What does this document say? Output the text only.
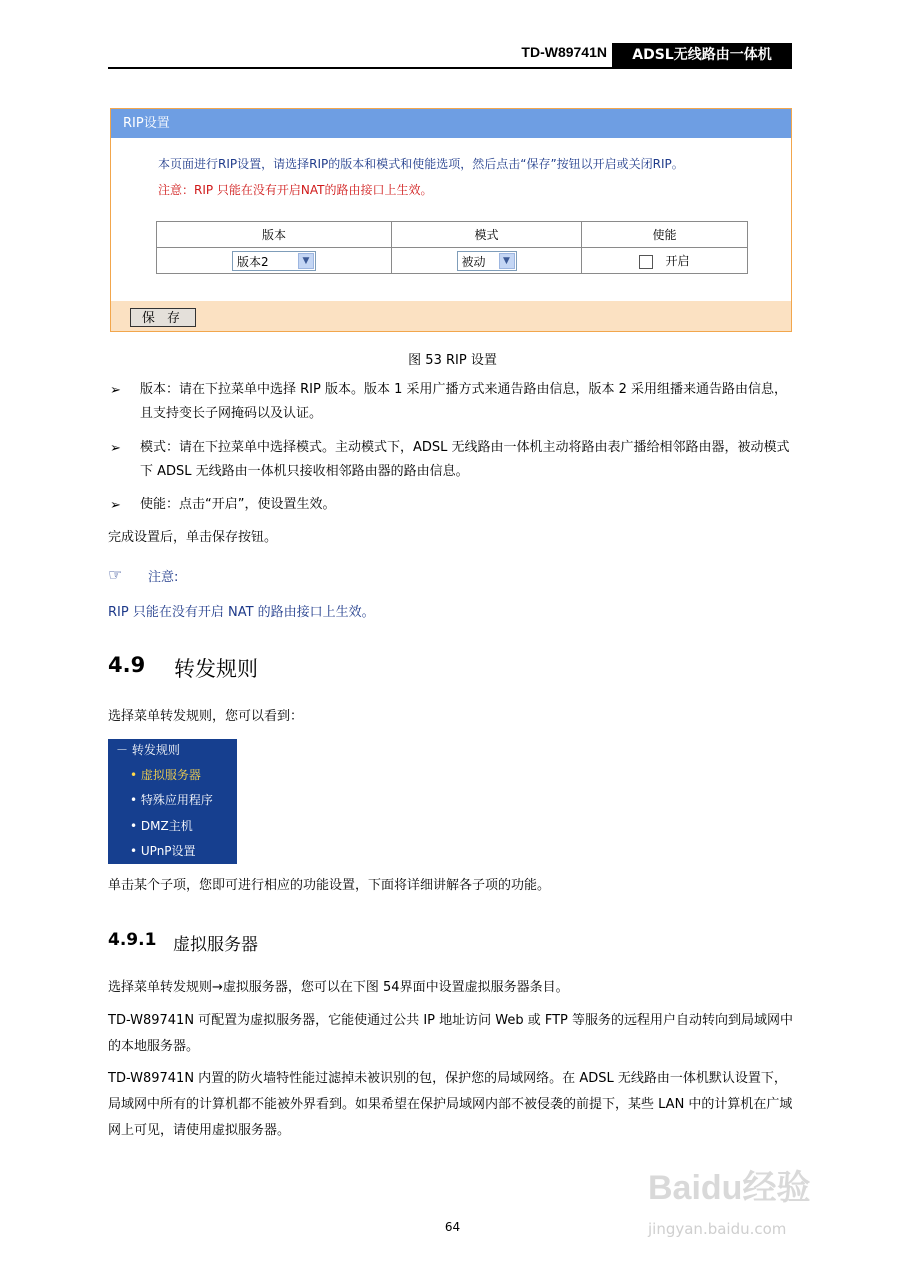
TD-W89741N	ADSL无线路由一体机
RIP设置
本页面进行RIP设置，请选择RIP的版本和模式和使能选项，然后点击“保存”按钮以开启或关闭RIP。
注意：RIP 只能在没有开启NAT的路由接口上生效。
版本	模式	使能
版本2 ▼	被动 ▼	开启
保 存
图 53 RIP 设置
➢ 版本：请在下拉菜单中选择 RIP 版本。版本 1 采用广播方式来通告路由信息，版本 2 采用组播来通告路由信息，且支持变长子网掩码以及认证。
➢ 模式：请在下拉菜单中选择模式。主动模式下，ADSL 无线路由一体机主动将路由表广播给相邻路由器，被动模式下 ADSL 无线路由一体机只接收相邻路由器的路由信息。
➢ 使能：点击“开启”，使设置生效。
完成设置后，单击保存按钮。
☞ 注意:
RIP 只能在没有开启 NAT 的路由接口上生效。
4.9 转发规则
选择菜单转发规则，您可以看到：
－ 转发规则
• 虚拟服务器
• 特殊应用程序
• DMZ主机
• UPnP设置
单击某个子项，您即可进行相应的功能设置，下面将详细讲解各子项的功能。
4.9.1 虚拟服务器
选择菜单转发规则→虚拟服务器，您可以在下图 54界面中设置虚拟服务器条目。
TD-W89741N 可配置为虚拟服务器，它能使通过公共 IP 地址访问 Web 或 FTP 等服务的远程用户自动转向到局域网中的本地服务器。
TD-W89741N 内置的防火墙特性能过滤掉未被识别的包，保护您的局域网络。在 ADSL 无线路由一体机默认设置下，局域网中所有的计算机都不能被外界看到。如果希望在保护局域网内部不被侵袭的前提下，某些 LAN 中的计算机在广域网上可见，请使用虚拟服务器。
Baidu经验
jingyan.baidu.com
64
